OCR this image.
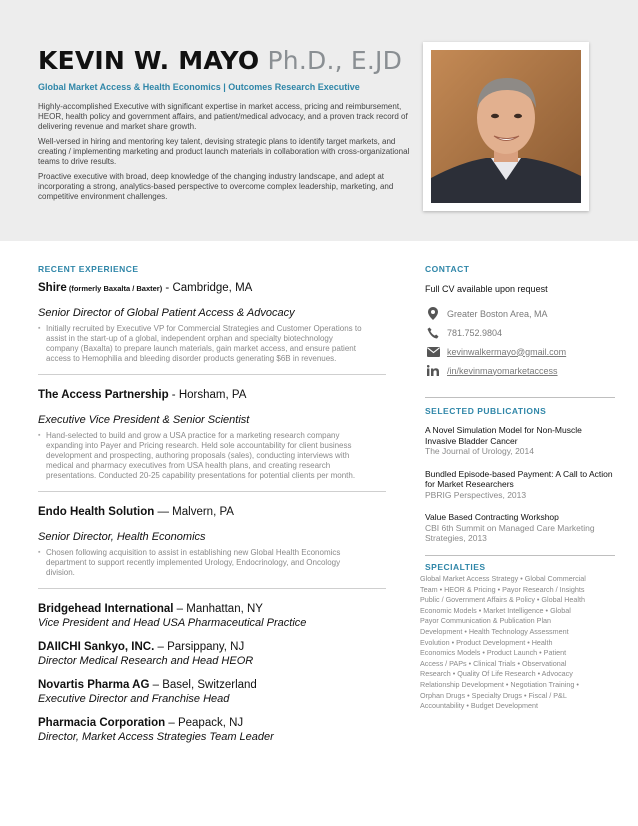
KEVIN W. MAYO Ph.D., E.JD
Global Market Access & Health Economics | Outcomes Research Executive

Highly-accomplished Executive with significant expertise in market access, pricing and reimbursement, HEOR, health policy and government affairs, and patient/medical advocacy, and a proven track record of delivering revenue and market share growth.

Well-versed in hiring and mentoring key talent, devising strategic plans to identify target markets, and creating / implementing marketing and product launch materials in collaboration with cross-organizational teams to drive results.

Proactive executive with broad, deep knowledge of the changing industry landscape, and adept at incorporating a strong, analytics-based perspective to overcome complex leadership, marketing, and competitive environment challenges.

RECENT EXPERIENCE	CONTACT
Shire (formerly Baxalta / Baxter) - Cambridge, MA
Senior Director of Global Patient Access & Advocacy
▪ Initially recruited by Executive VP for Commercial Strategies and Customer Operations to assist in the start-up of a global, independent orphan and specialty biotechnology company (Baxalta) to prepare launch materials, gain market access, and ensure patient access to Hemophilia and bleeding disorder products generating $6B in revenues.
The Access Partnership - Horsham, PA
Executive Vice President & Senior Scientist
▪ Hand-selected to build and grow a USA practice for a marketing research company expanding into Payer and Pricing research. Held sole accountability for client business development and prospecting, authoring proposals (sales), conducting interviews with medical and pharmacy executives from USA health plans, and creating research presentations. Conducted 20-25 capability presentations for potential clients per month.
Endo Health Solution — Malvern, PA
Senior Director, Health Economics
▪ Chosen following acquisition to assist in establishing new Global Health Economics department to support recently implemented Urology, Endocrinology, and Oncology division.
Bridgehead International – Manhattan, NY
Vice President and Head USA Pharmaceutical Practice
DAIICHI Sankyo, INC. – Parsippany, NJ
Director Medical Research and Head HEOR
Novartis Pharma AG – Basel, Switzerland
Executive Director and Franchise Head
Pharmacia Corporation – Peapack, NJ
Director, Market Access Strategies Team Leader
Full CV available upon request
Greater Boston Area, MA
781.752.9804
kevinwalkermayo@gmail.com
/in/kevinmayomarketaccess
SELECTED PUBLICATIONS
A Novel Simulation Model for Non-Muscle Invasive Bladder Cancer
The Journal of Urology, 2014
Bundled Episode-based Payment: A Call to Action for Market Researchers
PBRIG Perspectives, 2013
Value Based Contracting Workshop
CBI 6th Summit on Managed Care Marketing Strategies, 2013
SPECIALTIES
Global Market Access Strategy • Global Commercial Team • HEOR & Pricing • Payor Research / Insights Public / Government Affairs & Policy • Global Health Economic Models • Market Intelligence • Global Payor Communication & Publication Plan Development • Health Technology Assessment Evolution • Product Development • Health Economics Models • Product Launch • Patient Access / PAPs • Clinical Trials • Observational Research • Quality Of Life Research • Advocacy Relationship Development • Negotiation Training • Orphan Drugs • Specialty Drugs • Fiscal / P&L Accountability • Budget Development
